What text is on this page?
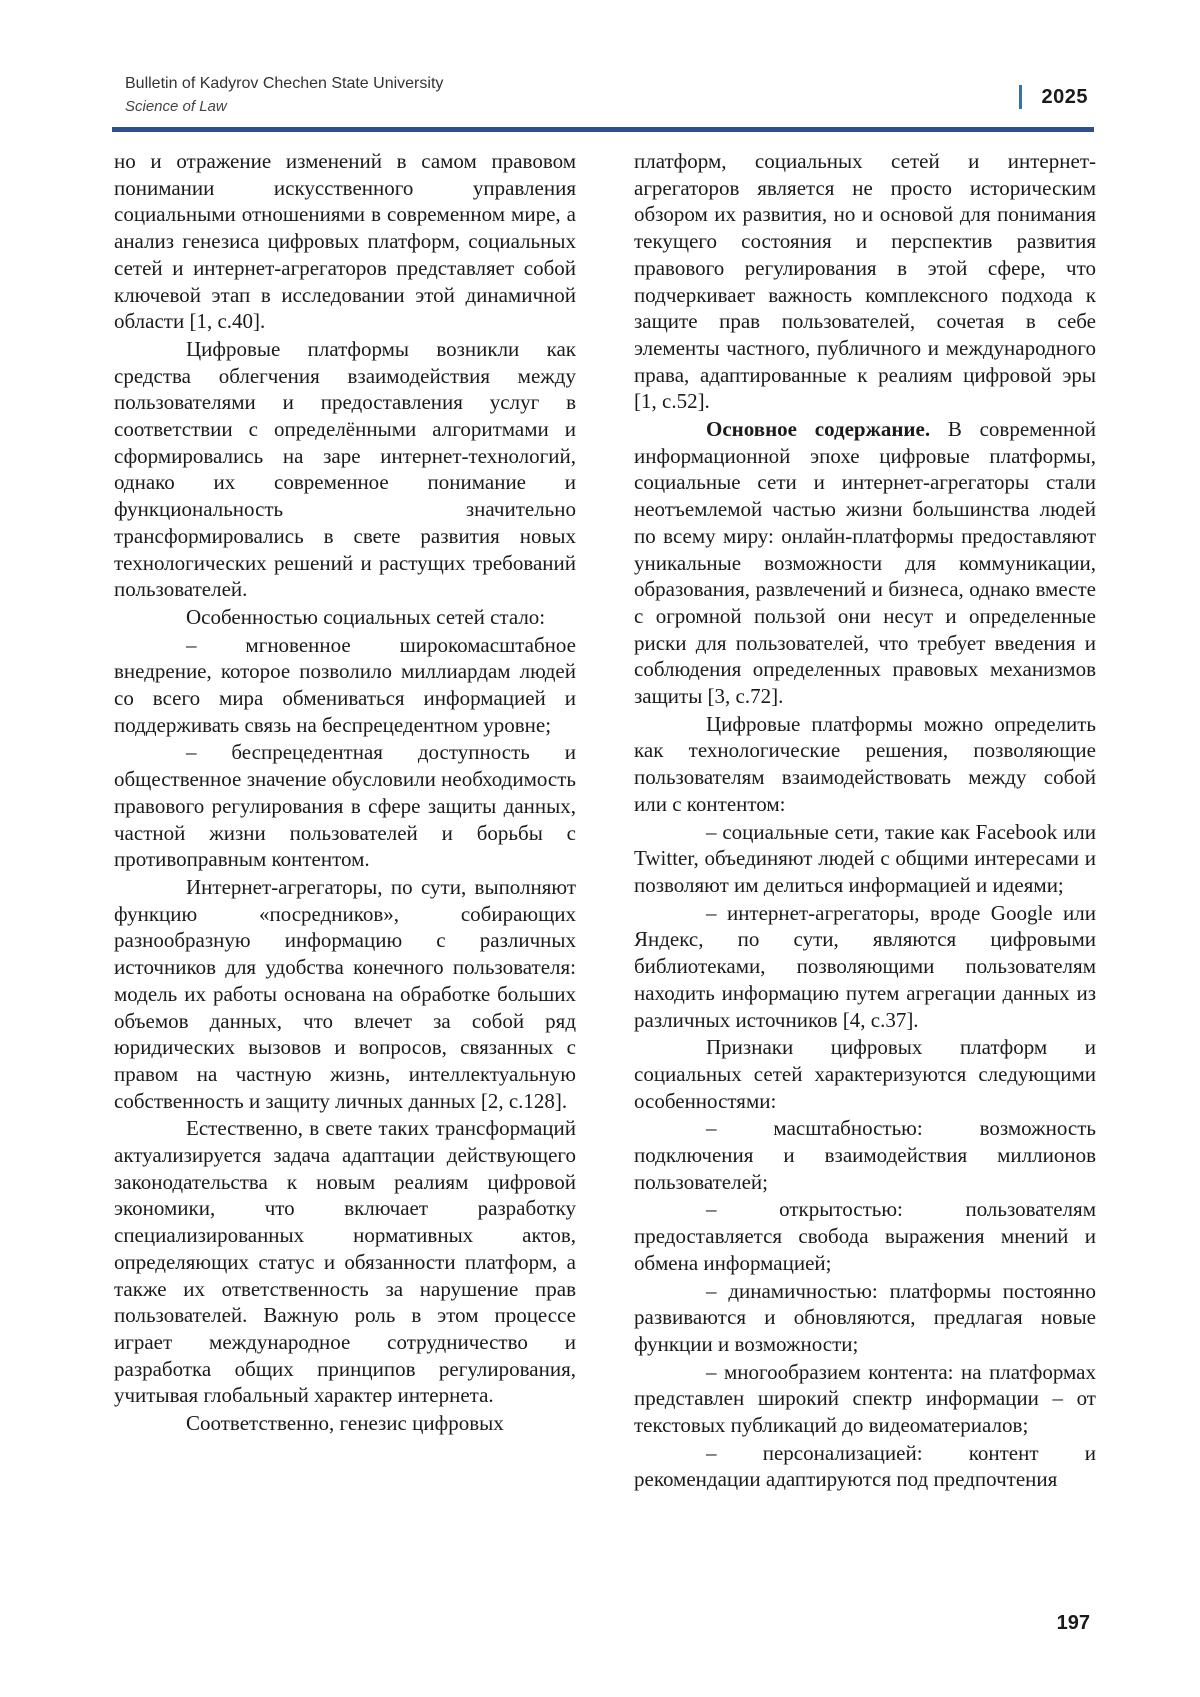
Bulletin of Kadyrov Chechen State University
Science of Law	2025

но и отражение изменений в самом правовом понимании искусственного управления социальными отношениями в современном мире, а анализ генезиса цифровых платформ, социальных сетей и интернет-агрегаторов представляет собой ключевой этап в исследовании этой динамичной области [1, с.40].

Цифровые платформы возникли как средства облегчения взаимодействия между пользователями и предоставления услуг в соответствии с определёнными алгоритмами и сформировались на заре интернет-технологий, однако их современное понимание и функциональность значительно трансформировались в свете развития новых технологических решений и растущих требований пользователей.

Особенностью социальных сетей стало:

– мгновенное широкомасштабное внедрение, которое позволило миллиардам людей со всего мира обмениваться информацией и поддерживать связь на беспрецедентном уровне;

– беспрецедентная доступность и общественное значение обусловили необходимость правового регулирования в сфере защиты данных, частной жизни пользователей и борьбы с противоправным контентом.

Интернет-агрегаторы, по сути, выполняют функцию «посредников», собирающих разнообразную информацию с различных источников для удобства конечного пользователя: модель их работы основана на обработке больших объемов данных, что влечет за собой ряд юридических вызовов и вопросов, связанных с правом на частную жизнь, интеллектуальную собственность и защиту личных данных [2, с.128].

Естественно, в свете таких трансформаций актуализируется задача адаптации действующего законодательства к новым реалиям цифровой экономики, что включает разработку специализированных нормативных актов, определяющих статус и обязанности платформ, а также их ответственность за нарушение прав пользователей. Важную роль в этом процессе играет международное сотрудничество и разработка общих принципов регулирования, учитывая глобальный характер интернета.

Соответственно, генезис цифровых

платформ, социальных сетей и интернет-агрегаторов является не просто историческим обзором их развития, но и основой для понимания текущего состояния и перспектив развития правового регулирования в этой сфере, что подчеркивает важность комплексного подхода к защите прав пользователей, сочетая в себе элементы частного, публичного и международного права, адаптированные к реалиям цифровой эры [1, с.52].

Основное содержание. В современной информационной эпохе цифровые платформы, социальные сети и интернет-агрегаторы стали неотъемлемой частью жизни большинства людей по всему миру: онлайн-платформы предоставляют уникальные возможности для коммуникации, образования, развлечений и бизнеса, однако вместе с огромной пользой они несут и определенные риски для пользователей, что требует введения и соблюдения определенных правовых механизмов защиты [3, с.72].

Цифровые платформы можно определить как технологические решения, позволяющие пользователям взаимодействовать между собой или с контентом:

– социальные сети, такие как Facebook или Twitter, объединяют людей с общими интересами и позволяют им делиться информацией и идеями;

– интернет-агрегаторы, вроде Google или Яндекс, по сути, являются цифровыми библиотеками, позволяющими пользователям находить информацию путем агрегации данных из различных источников [4, с.37].

Признаки цифровых платформ и социальных сетей характеризуются следующими особенностями:

– масштабностью: возможность подключения и взаимодействия миллионов пользователей;

– открытостью: пользователям предоставляется свобода выражения мнений и обмена информацией;

– динамичностью: платформы постоянно развиваются и обновляются, предлагая новые функции и возможности;

– многообразием контента: на платформах представлен широкий спектр информации – от текстовых публикаций до видеоматериалов;

– персонализацией: контент и рекомендации адаптируются под предпочтения

197
